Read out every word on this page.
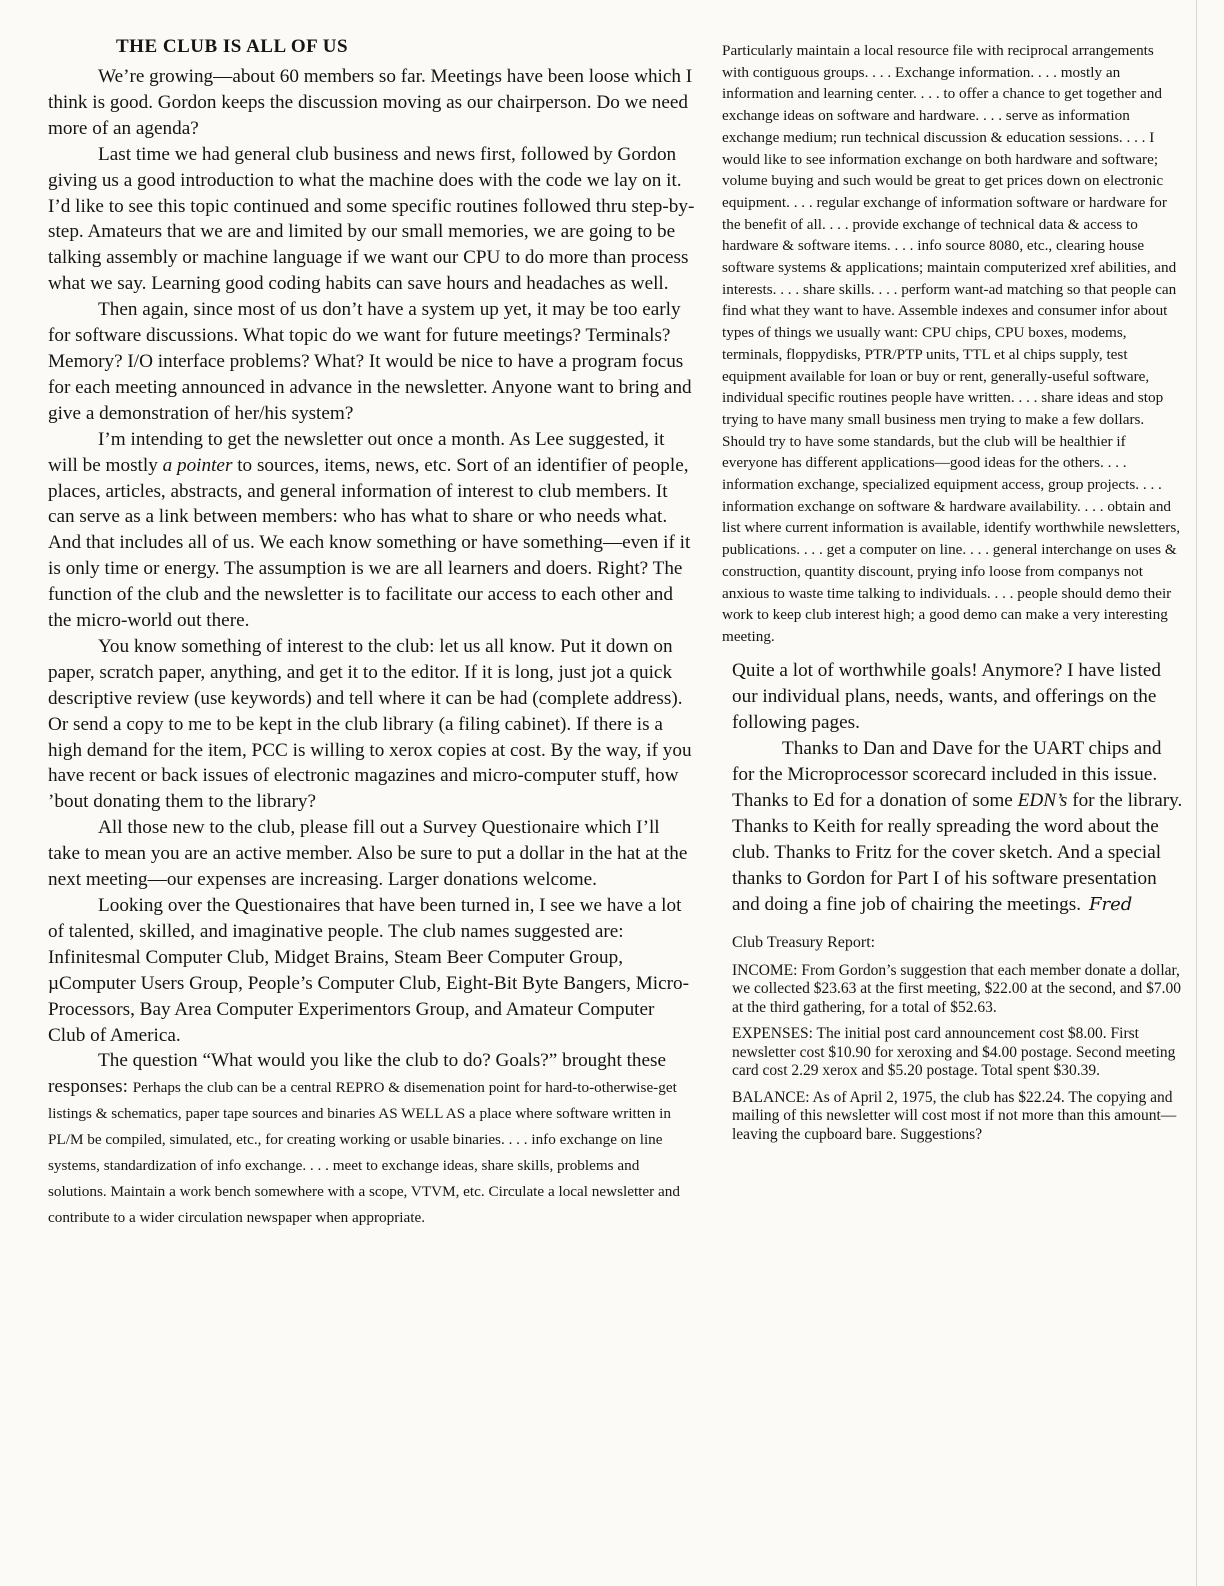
THE CLUB IS ALL OF US

We’re growing—about 60 members so far. Meetings have been loose which I think is good. Gordon keeps the discussion moving as our chairperson. Do we need more of an agenda?

Last time we had general club business and news first, followed by Gordon giving us a good introduction to what the machine does with the code we lay on it. I’d like to see this topic continued and some specific routines followed thru step-by-step. Amateurs that we are and limited by our small memories, we are going to be talking assembly or machine language if we want our CPU to do more than process what we say. Learning good coding habits can save hours and headaches as well.

Then again, since most of us don’t have a system up yet, it may be too early for software discussions. What topic do we want for future meetings? Terminals? Memory? I/O interface problems? What? It would be nice to have a program focus for each meeting announced in advance in the newsletter. Anyone want to bring and give a demonstration of her/his system?

I’m intending to get the newsletter out once a month. As Lee suggested, it will be mostly a pointer to sources, items, news, etc. Sort of an identifier of people, places, articles, abstracts, and general information of interest to club members. It can serve as a link between members: who has what to share or who needs what. And that includes all of us. We each know something or have something—even if it is only time or energy. The assumption is we are all learners and doers. Right? The function of the club and the newsletter is to facilitate our access to each other and the micro-world out there.

You know something of interest to the club: let us all know. Put it down on paper, scratch paper, anything, and get it to the editor. If it is long, just jot a quick descriptive review (use keywords) and tell where it can be had (complete address). Or send a copy to me to be kept in the club library (a filing cabinet). If there is a high demand for the item, PCC is willing to xerox copies at cost. By the way, if you have recent or back issues of electronic magazines and micro-computer stuff, how ’bout donating them to the library?

All those new to the club, please fill out a Survey Questionaire which I’ll take to mean you are an active member. Also be sure to put a dollar in the hat at the next meeting—our expenses are increasing. Larger donations welcome.

Looking over the Questionaires that have been turned in, I see we have a lot of talented, skilled, and imaginative people. The club names suggested are: Infinitesmal Computer Club, Midget Brains, Steam Beer Computer Group, µComputer Users Group, People’s Computer Club, Eight-Bit Byte Bangers, Micro-Processors, Bay Area Computer Experimentors Group, and Amateur Computer Club of America.

The question “What would you like the club to do? Goals?” brought these responses: Perhaps the club can be a central REPRO & disemenation point for hard-to-otherwise-get listings & schematics, paper tape sources and binaries AS WELL AS a place where software written in PL/M be compiled, simulated, etc., for creating working or usable binaries. . . . info exchange on line systems, standardization of info exchange. . . . meet to exchange ideas, share skills, problems and solutions. Maintain a work bench somewhere with a scope, VTVM, etc. Circulate a local newsletter and contribute to a wider circulation newspaper when appropriate.

Particularly maintain a local resource file with reciprocal arrangements with contiguous groups. . . . Exchange information. . . . mostly an information and learning center. . . . to offer a chance to get together and exchange ideas on software and hardware. . . . serve as information exchange medium; run technical discussion & education sessions. . . . I would like to see information exchange on both hardware and software; volume buying and such would be great to get prices down on electronic equipment. . . . regular exchange of information software or hardware for the benefit of all. . . . provide exchange of technical data & access to hardware & software items. . . . info source 8080, etc., clearing house software systems & applications; maintain computerized xref abilities, and interests. . . . share skills. . . . perform want-ad matching so that people can find what they want to have. Assemble indexes and consumer infor about types of things we usually want: CPU chips, CPU boxes, modems, terminals, floppydisks, PTR/PTP units, TTL et al chips supply, test equipment available for loan or buy or rent, generally-useful software, individual specific routines people have written. . . . share ideas and stop trying to have many small business men trying to make a few dollars. Should try to have some standards, but the club will be healthier if everyone has different applications—good ideas for the others. . . . information exchange, specialized equipment access, group projects. . . . information exchange on software & hardware availability. . . . obtain and list where current information is available, identify worthwhile newsletters, publications. . . . get a computer on line. . . . general interchange on uses & construction, quantity discount, prying info loose from companys not anxious to waste time talking to individuals. . . . people should demo their work to keep club interest high; a good demo can make a very interesting meeting.

Quite a lot of worthwhile goals! Anymore? I have listed our individual plans, needs, wants, and offerings on the following pages.

Thanks to Dan and Dave for the UART chips and for the Microprocessor scorecard included in this issue. Thanks to Ed for a donation of some EDN’s for the library. Thanks to Keith for really spreading the word about the club. Thanks to Fritz for the cover sketch. And a special thanks to Gordon for Part I of his software presentation and doing a fine job of chairing the meetings. Fred

Club Treasury Report:

INCOME: From Gordon’s suggestion that each member donate a dollar, we collected $23.63 at the first meeting, $22.00 at the second, and $7.00 at the third gathering, for a total of $52.63.

EXPENSES: The initial post card announcement cost $8.00. First newsletter cost $10.90 for xeroxing and $4.00 postage. Second meeting card cost 2.29 xerox and $5.20 postage. Total spent $30.39.

BALANCE: As of April 2, 1975, the club has $22.24. The copying and mailing of this newsletter will cost most if not more than this amount—leaving the cupboard bare. Suggestions?
